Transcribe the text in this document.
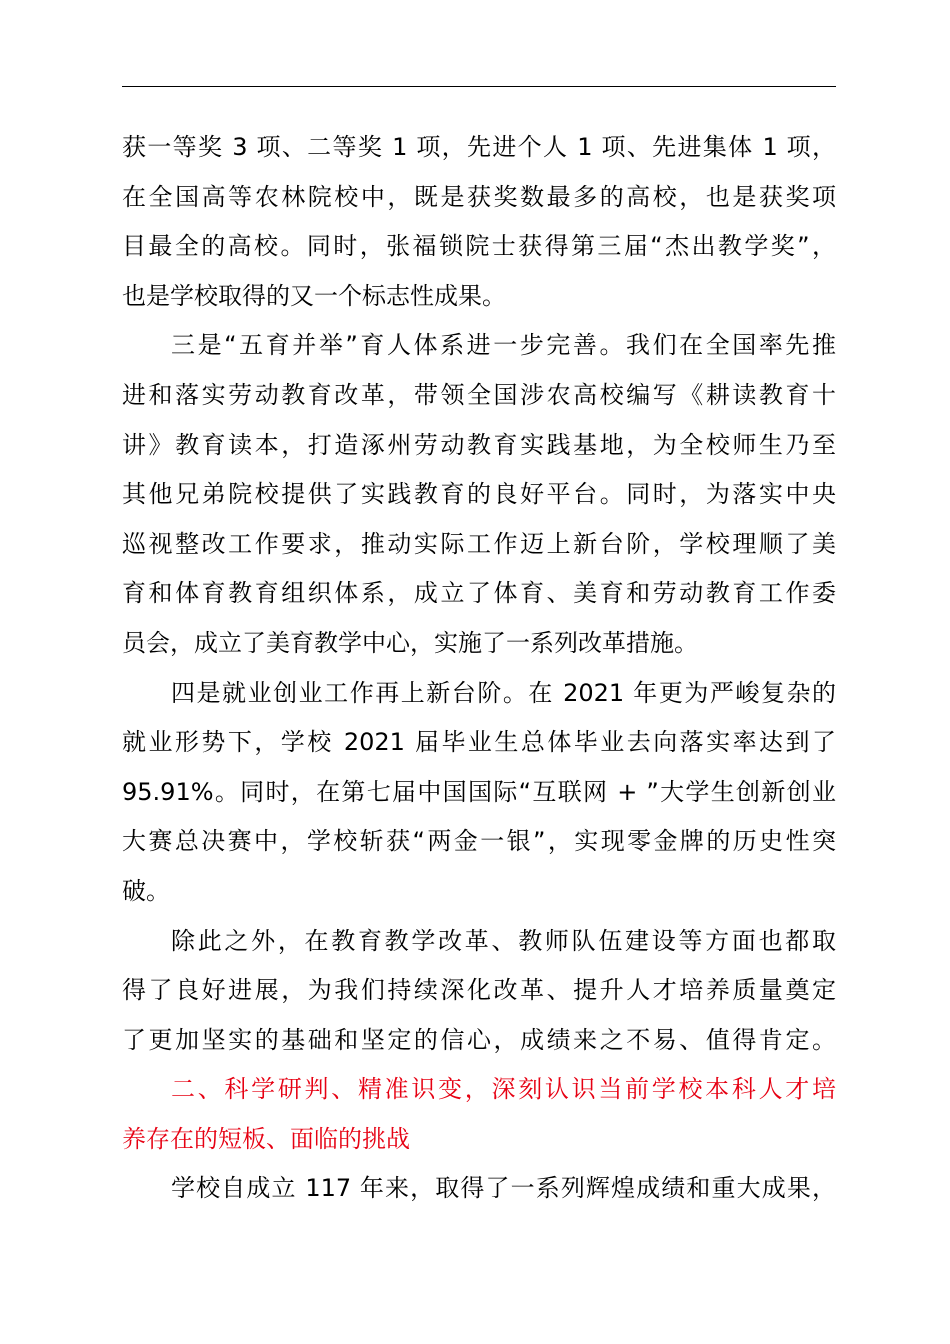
获一等奖 3 项、二等奖 1 项，先进个人 1 项、先进集体 1 项，
在全国高等农林院校中，既是获奖数最多的高校，也是获奖项
目最全的高校。同时，张福锁院士获得第三届“杰出教学奖”，
也是学校取得的又一个标志性成果。
三是“五育并举”育人体系进一步完善。我们在全国率先推
进和落实劳动教育改革，带领全国涉农高校编写《耕读教育十
讲》教育读本，打造涿州劳动教育实践基地，为全校师生乃至
其他兄弟院校提供了实践教育的良好平台。同时，为落实中央
巡视整改工作要求，推动实际工作迈上新台阶，学校理顺了美
育和体育教育组织体系，成立了体育、美育和劳动教育工作委
员会，成立了美育教学中心，实施了一系列改革措施。
四是就业创业工作再上新台阶。在 2021 年更为严峻复杂的
就业形势下，学校 2021 届毕业生总体毕业去向落实率达到了
95.91%。同时，在第七届中国国际“互联网 + ”大学生创新创业
大赛总决赛中，学校斩获“两金一银”，实现零金牌的历史性突
破。
除此之外，在教育教学改革、教师队伍建设等方面也都取
得了良好进展，为我们持续深化改革、提升人才培养质量奠定
了更加坚实的基础和坚定的信心，成绩来之不易、值得肯定。
二、科学研判、精准识变，深刻认识当前学校本科人才培
养存在的短板、面临的挑战
学校自成立 117 年来，取得了一系列辉煌成绩和重大成果，
